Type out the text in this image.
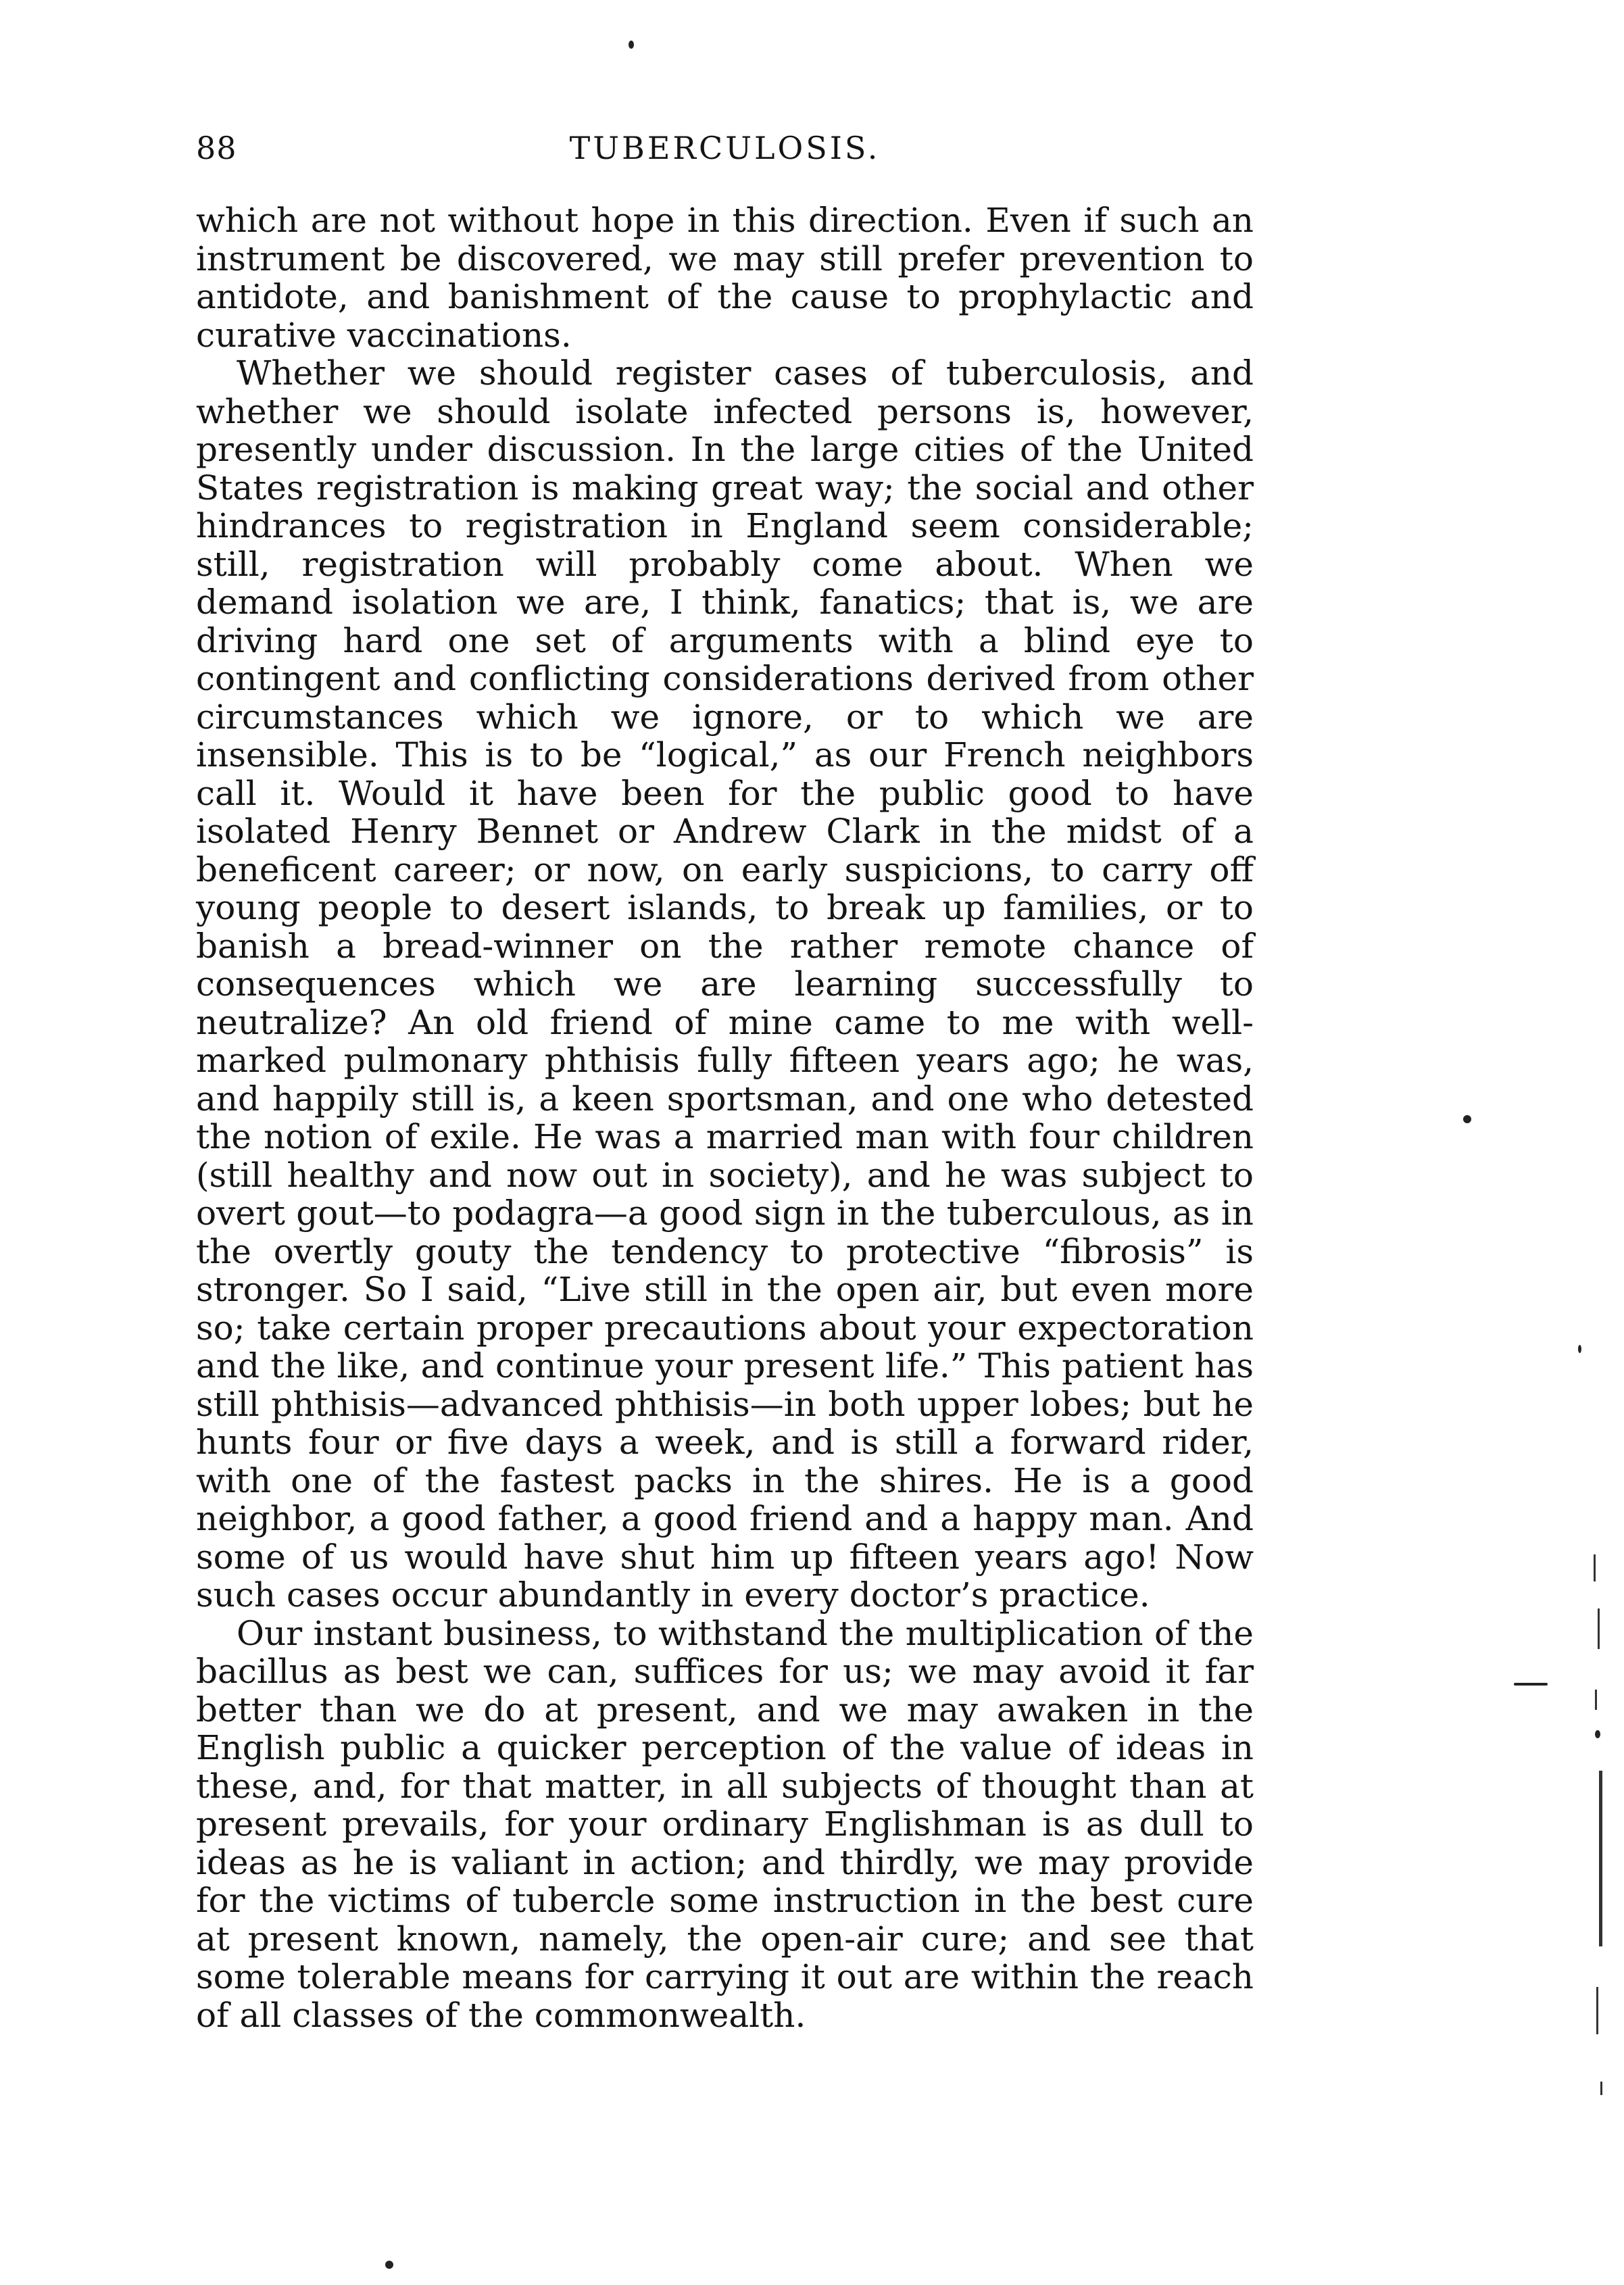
88	TUBERCULOSIS.

which are not without hope in this direction. Even if such an instrument be discovered, we may still prefer prevention to antidote, and banishment of the cause to prophylactic and curative vaccinations.

Whether we should register cases of tuberculosis, and whether we should isolate infected persons is, however, presently under discussion. In the large cities of the United States registration is making great way; the social and other hindrances to registration in England seem considerable; still, registration will probably come about. When we demand isolation we are, I think, fanatics; that is, we are driving hard one set of arguments with a blind eye to contingent and conflicting considerations derived from other circumstances which we ignore, or to which we are insensible. This is to be “logical,” as our French neighbors call it. Would it have been for the public good to have isolated Henry Bennet or Andrew Clark in the midst of a beneficent career; or now, on early suspicions, to carry off young people to desert islands, to break up families, or to banish a bread-winner on the rather remote chance of consequences which we are learning successfully to neutralize? An old friend of mine came to me with well-marked pulmonary phthisis fully fifteen years ago; he was, and happily still is, a keen sportsman, and one who detested the notion of exile. He was a married man with four children (still healthy and now out in society), and he was subject to overt gout—to podagra—a good sign in the tuberculous, as in the overtly gouty the tendency to protective “fibrosis” is stronger. So I said, “Live still in the open air, but even more so; take certain proper precautions about your expectoration and the like, and continue your present life.” This patient has still phthisis—advanced phthisis—in both upper lobes; but he hunts four or five days a week, and is still a forward rider, with one of the fastest packs in the shires. He is a good neighbor, a good father, a good friend and a happy man. And some of us would have shut him up fifteen years ago! Now such cases occur abundantly in every doctor’s practice.

Our instant business, to withstand the multiplication of the bacillus as best we can, suffices for us; we may avoid it far better than we do at present, and we may awaken in the English public a quicker perception of the value of ideas in these, and, for that matter, in all subjects of thought than at present prevails, for your ordinary Englishman is as dull to ideas as he is valiant in action; and thirdly, we may provide for the victims of tubercle some instruction in the best cure at present known, namely, the open-air cure; and see that some tolerable means for carrying it out are within the reach of all classes of the commonwealth.
